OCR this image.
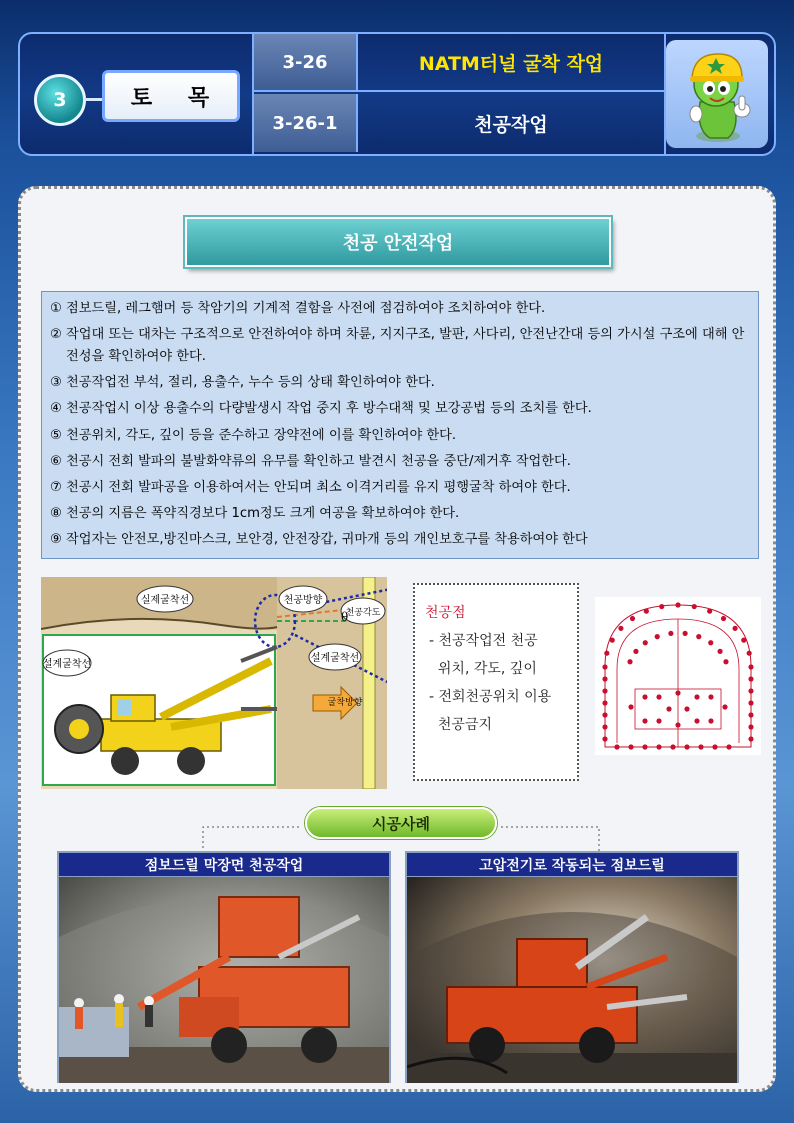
3	토 목
3-26	NATM터널 굴착 작업
3-26-1	천공작업
천공 안전작업
① 점보드릴, 레그햄머 등 착암기의 기계적 결함을 사전에 점검하여야 조치하여야 한다.
② 작업대 또는 대차는 구조적으로 안전하여야 하며 차륜, 지지구조, 발판, 사다리, 안전난간대 등의 가시설 구조에 대해 안전성을 확인하여야 한다.
③ 천공작업전 부석, 절리, 용출수, 누수 등의 상태 확인하여야 한다.
④ 천공작업시 이상 용출수의 다량발생시 작업 중지 후 방수대책 및 보강공법 등의 조치를 한다.
⑤ 천공위치, 각도, 깊이 등을 준수하고 장약전에 이를 확인하여야 한다.
⑥ 천공시 전회 발파의 불발화약류의 유무를 확인하고 발견시 천공을 중단/제거후 작업한다.
⑦ 천공시 전회 발파공을 이용하여서는 안되며 최소 이격거리를 유지 평행굴착 하여야 한다.
⑧ 천공의 지름은 폭약직경보다 1cm정도 크게 여공을 확보하여야 한다.
⑨ 작업자는 안전모,방진마스크, 보안경, 안전장갑, 귀마개 등의 개인보호구를 착용하여야 한다
실제굴착선
설계굴착선
천공방향
천공각도
설계굴착선
굴착방향
θ	천공점
- 천공작업전 천공
위치, 각도, 깊이
- 전회천공위치 이용
천공금지
시공사례
점보드릴 막장면 천공작업	고압전기로 작동되는 점보드릴
